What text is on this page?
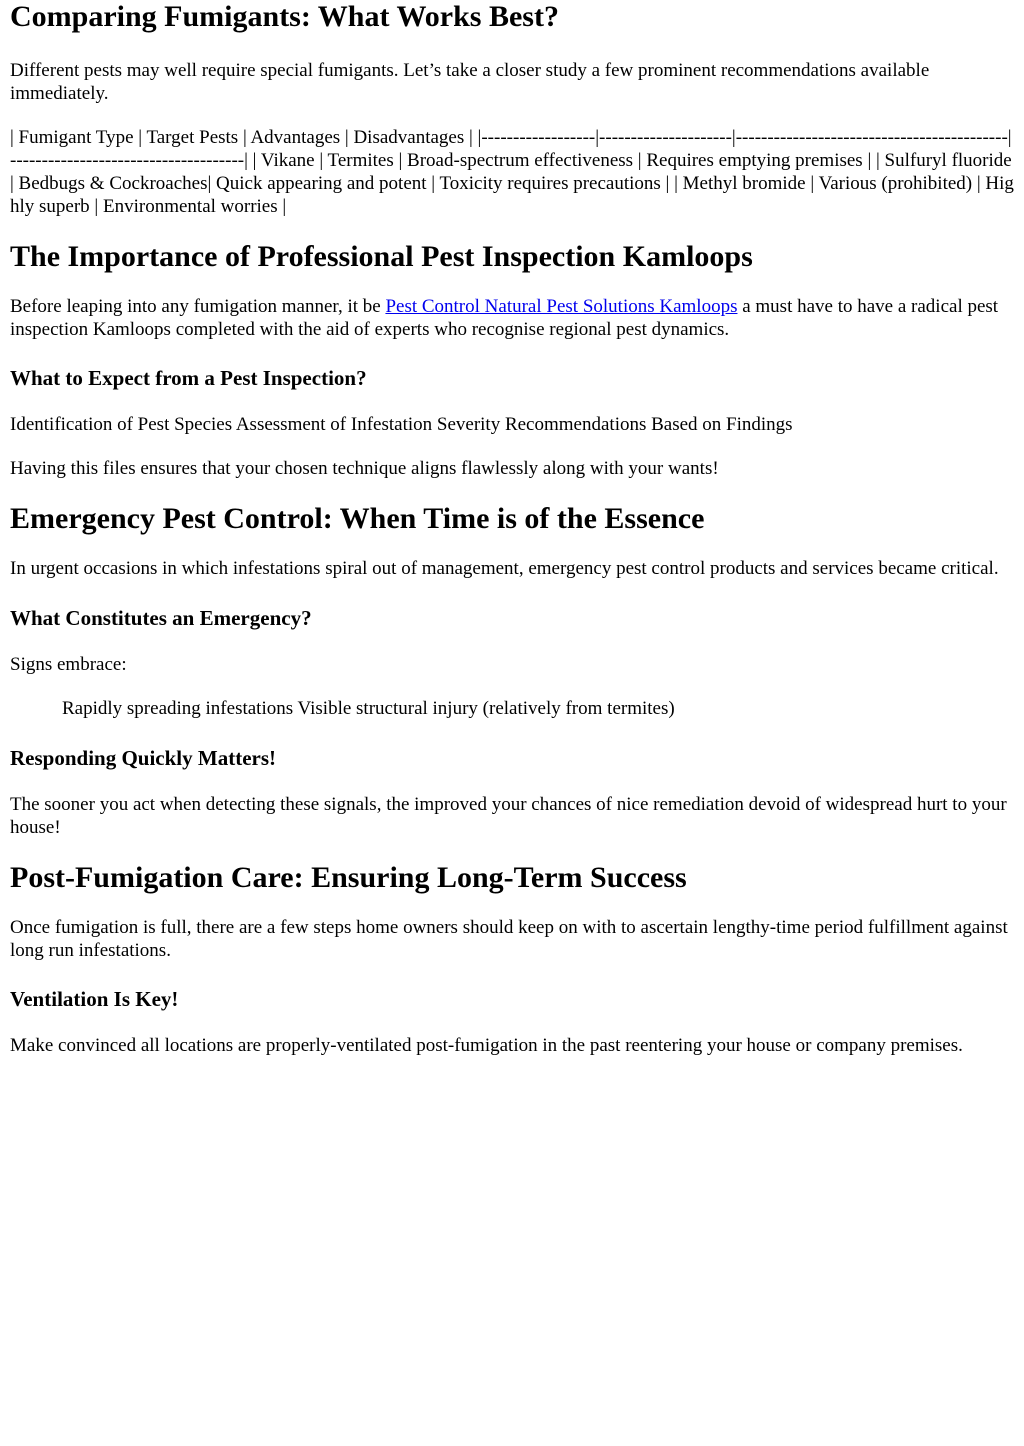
Comparing Fumigants: What Works Best?

Different pests may well require special fumigants. Let’s take a closer study a few prominent recommendations available immediately.

| Fumigant Type | Target Pests | Advantages | Disadvantages | |------------------|---------------------|-------------------------------------------|-------------------------------------| | Vikane | Termites | Broad-spectrum effectiveness | Requires emptying premises | | Sulfuryl fluoride| Bedbugs & Cockroaches| Quick appearing and potent | Toxicity requires precautions | | Methyl bromide | Various (prohibited) | Highly superb | Environmental worries |

The Importance of Professional Pest Inspection Kamloops

Before leaping into any fumigation manner, it be Pest Control Natural Pest Solutions Kamloops a must have to have a radical pest inspection Kamloops completed with the aid of experts who recognise regional pest dynamics.

What to Expect from a Pest Inspection?

Identification of Pest Species Assessment of Infestation Severity Recommendations Based on Findings

Having this files ensures that your chosen technique aligns flawlessly along with your wants!

Emergency Pest Control: When Time is of the Essence

In urgent occasions in which infestations spiral out of management, emergency pest control products and services became critical.

What Constitutes an Emergency?

Signs embrace:

Rapidly spreading infestations Visible structural injury (relatively from termites)
Responding Quickly Matters!

The sooner you act when detecting these signals, the improved your chances of nice remediation devoid of widespread hurt to your house!

Post-Fumigation Care: Ensuring Long-Term Success

Once fumigation is full, there are a few steps home owners should keep on with to ascertain lengthy-time period fulfillment against long run infestations.

Ventilation Is Key!

Make convinced all locations are properly-ventilated post-fumigation in the past reentering your house or company premises.
